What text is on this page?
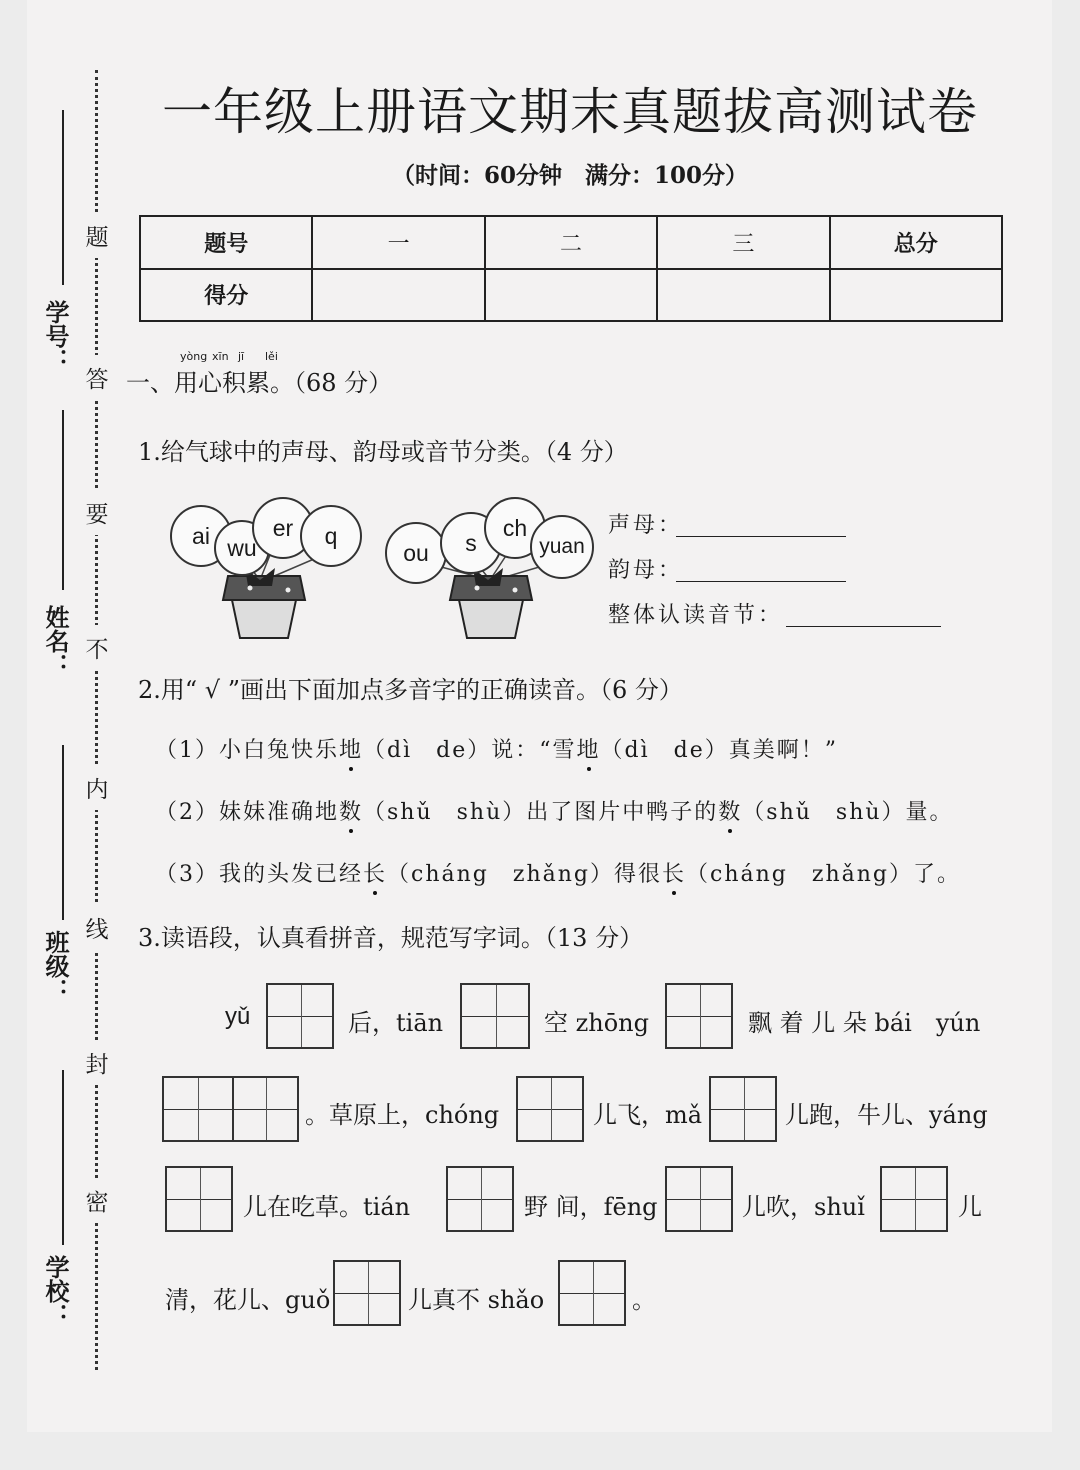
学号：
姓名：
班级：
学校：
题
答
要
不
内
线
封
密
一年级上册语文期末真题拔高测试卷
（时间：60分钟　满分：100分）
题号	一	二	三	总分
得分				
yòng xīn jī lěi
一、用心积累。（68 分）
1.给气球中的声母、韵母或音节分类。（4 分）
ai wu
er	q
ou	s
ch
yuan
声母：
韵母：
整体认读音节：
2.用“ √ ”画出下面加点多音字的正确读音。（6 分）
（1）小白兔快乐地（dì　de）说：“雪地（dì　de）真美啊！”
（2）妹妹准确地数（shǔ　shù）出了图片中鸭子的数（shǔ　shù）量。
（3）我的头发已经长（cháng　zhǎng）得很长（cháng　zhǎng）了。
3.读语段，认真看拼音，规范写字词。（13 分）
yǔ	后，tiān	空 zhōng	飘 着 儿 朵 bái　yún
。草原上，chóng	儿飞，mǎ	儿跑，牛儿、yáng
儿在吃草。tián	野 间，fēng	儿吹，shuǐ	儿
清，花儿、guǒ	儿真不 shǎo	。
